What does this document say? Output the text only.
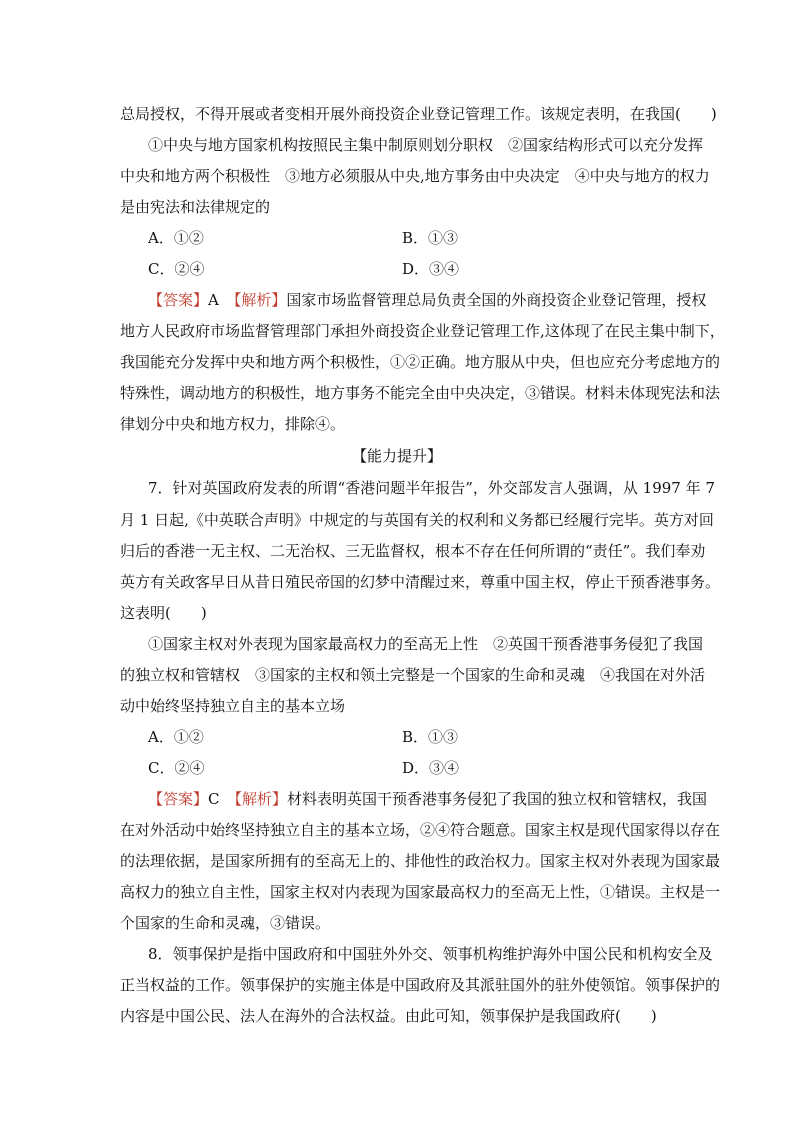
总局授权，不得开展或者变相开展外商投资企业登记管理工作。该规定表明，在我国(　　)
①中央与地方国家机构按照民主集中制原则划分职权　②国家结构形式可以充分发挥
中央和地方两个积极性　③地方必须服从中央,地方事务由中央决定　④中央与地方的权力
是由宪法和法律规定的
A．①②	B．①③
C．②④	D．③④
【答案】A　【解析】国家市场监督管理总局负责全国的外商投资企业登记管理，授权
地方人民政府市场监督管理部门承担外商投资企业登记管理工作,这体现了在民主集中制下，
我国能充分发挥中央和地方两个积极性，①②正确。地方服从中央，但也应充分考虑地方的
特殊性，调动地方的积极性，地方事务不能完全由中央决定，③错误。材料未体现宪法和法
律划分中央和地方权力，排除④。
【能力提升】
7．针对英国政府发表的所谓“香港问题半年报告”，外交部发言人强调，从 1997 年 7
月 1 日起,《中英联合声明》中规定的与英国有关的权利和义务都已经履行完毕。英方对回
归后的香港一无主权、二无治权、三无监督权，根本不存在任何所谓的“责任”。我们奉劝
英方有关政客早日从昔日殖民帝国的幻梦中清醒过来，尊重中国主权，停止干预香港事务。
这表明(　　)
①国家主权对外表现为国家最高权力的至高无上性　②英国干预香港事务侵犯了我国
的独立权和管辖权　③国家的主权和领土完整是一个国家的生命和灵魂　④我国在对外活
动中始终坚持独立自主的基本立场
A．①②	B．①③
C．②④	D．③④
【答案】C　【解析】材料表明英国干预香港事务侵犯了我国的独立权和管辖权，我国
在对外活动中始终坚持独立自主的基本立场，②④符合题意。国家主权是现代国家得以存在
的法理依据，是国家所拥有的至高无上的、排他性的政治权力。国家主权对外表现为国家最
高权力的独立自主性，国家主权对内表现为国家最高权力的至高无上性，①错误。主权是一
个国家的生命和灵魂，③错误。
8．领事保护是指中国政府和中国驻外外交、领事机构维护海外中国公民和机构安全及
正当权益的工作。领事保护的实施主体是中国政府及其派驻国外的驻外使领馆。领事保护的
内容是中国公民、法人在海外的合法权益。由此可知，领事保护是我国政府(　　)
